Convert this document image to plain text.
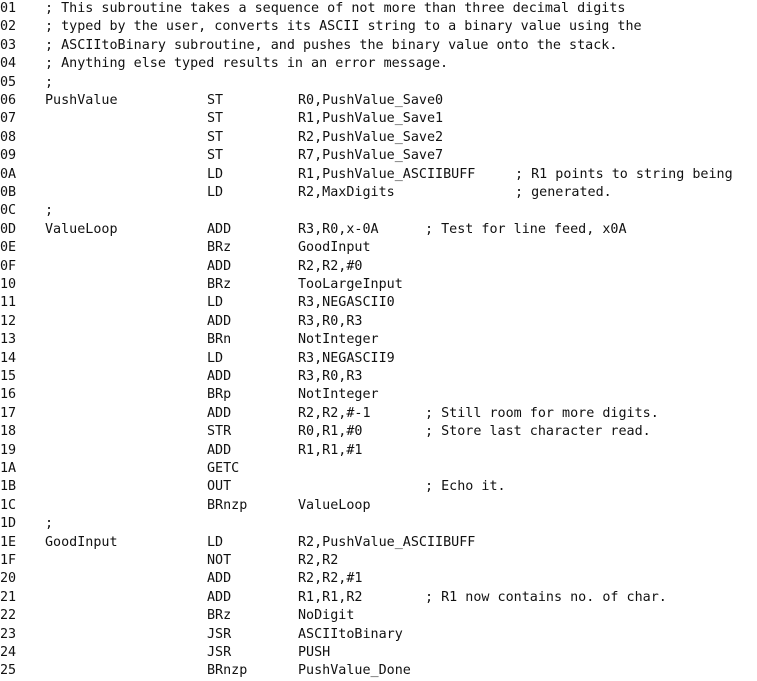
01 ; This subroutine takes a sequence of not more than three decimal digits
02 ; typed by the user, converts its ASCII string to a binary value using the
03 ; ASCIItoBinary subroutine, and pushes the binary value onto the stack.
04 ; Anything else typed results in an error message.
05 ;
06 PushValue	ST	R0,PushValue_Save0
07	ST	R1,PushValue_Save1
08	ST	R2,PushValue_Save2
09	ST	R7,PushValue_Save7
0A	LD	R1,PushValue_ASCIIBUFF	; R1 points to string being
0B	LD	R2,MaxDigits	; generated.
0C ;
0D ValueLoop	ADD	R3,R0,x-0A	; Test for line feed, x0A
0E	BRz	GoodInput
0F	ADD	R2,R2,#0
10	BRz	TooLargeInput
11	LD	R3,NEGASCII0
12	ADD	R3,R0,R3
13	BRn	NotInteger
14	LD	R3,NEGASCII9
15	ADD	R3,R0,R3
16	BRp	NotInteger
17	ADD	R2,R2,#-1	; Still room for more digits.
18	STR	R0,R1,#0	; Store last character read.
19	ADD	R1,R1,#1
1A	GETC
1B	OUT	; Echo it.
1C	BRnzp	ValueLoop
1D ;
1E GoodInput	LD	R2,PushValue_ASCIIBUFF
1F	NOT	R2,R2
20	ADD	R2,R2,#1
21	ADD	R1,R1,R2	; R1 now contains no. of char.
22	BRz	NoDigit
23	JSR	ASCIItoBinary
24	JSR	PUSH
25	BRnzp	PushValue_Done
